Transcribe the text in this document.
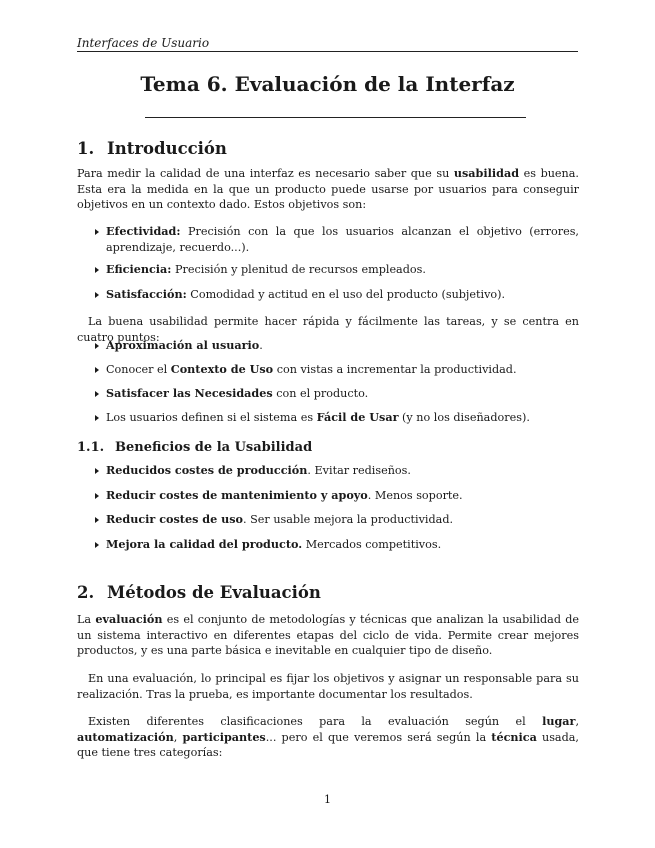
Interfaces de Usuario
Tema 6. Evaluación de la Interfaz
1. Introducción
Para medir la calidad de una interfaz es necesario saber que su usabilidad es buena. Esta era la medida en la que un producto puede usarse por usuarios para conseguir objetivos en un contexto dado. Estos objetivos son:
Efectividad: Precisión con la que los usuarios alcanzan el objetivo (errores, aprendizaje, recuerdo...).
Eficiencia: Precisión y plenitud de recursos empleados.
Satisfacción: Comodidad y actitud en el uso del producto (subjetivo).
La buena usabilidad permite hacer rápida y fácilmente las tareas, y se centra en cuatro puntos:
Aproximación al usuario.
Conocer el Contexto de Uso con vistas a incrementar la productividad.
Satisfacer las Necesidades con el producto.
Los usuarios definen si el sistema es Fácil de Usar (y no los diseñadores).
1.1. Beneficios de la Usabilidad
Reducidos costes de producción. Evitar rediseños.
Reducir costes de mantenimiento y apoyo. Menos soporte.
Reducir costes de uso. Ser usable mejora la productividad.
Mejora la calidad del producto. Mercados competitivos.
2. Métodos de Evaluación
La evaluación es el conjunto de metodologías y técnicas que analizan la usabilidad de un sistema interactivo en diferentes etapas del ciclo de vida. Permite crear mejores productos, y es una parte básica e inevitable en cualquier tipo de diseño.
En una evaluación, lo principal es fijar los objetivos y asignar un responsable para su realización. Tras la prueba, es importante documentar los resultados.
Existen diferentes clasificaciones para la evaluación según el lugar, automatización, participantes... pero el que veremos será según la técnica usada, que tiene tres categorías:
1
